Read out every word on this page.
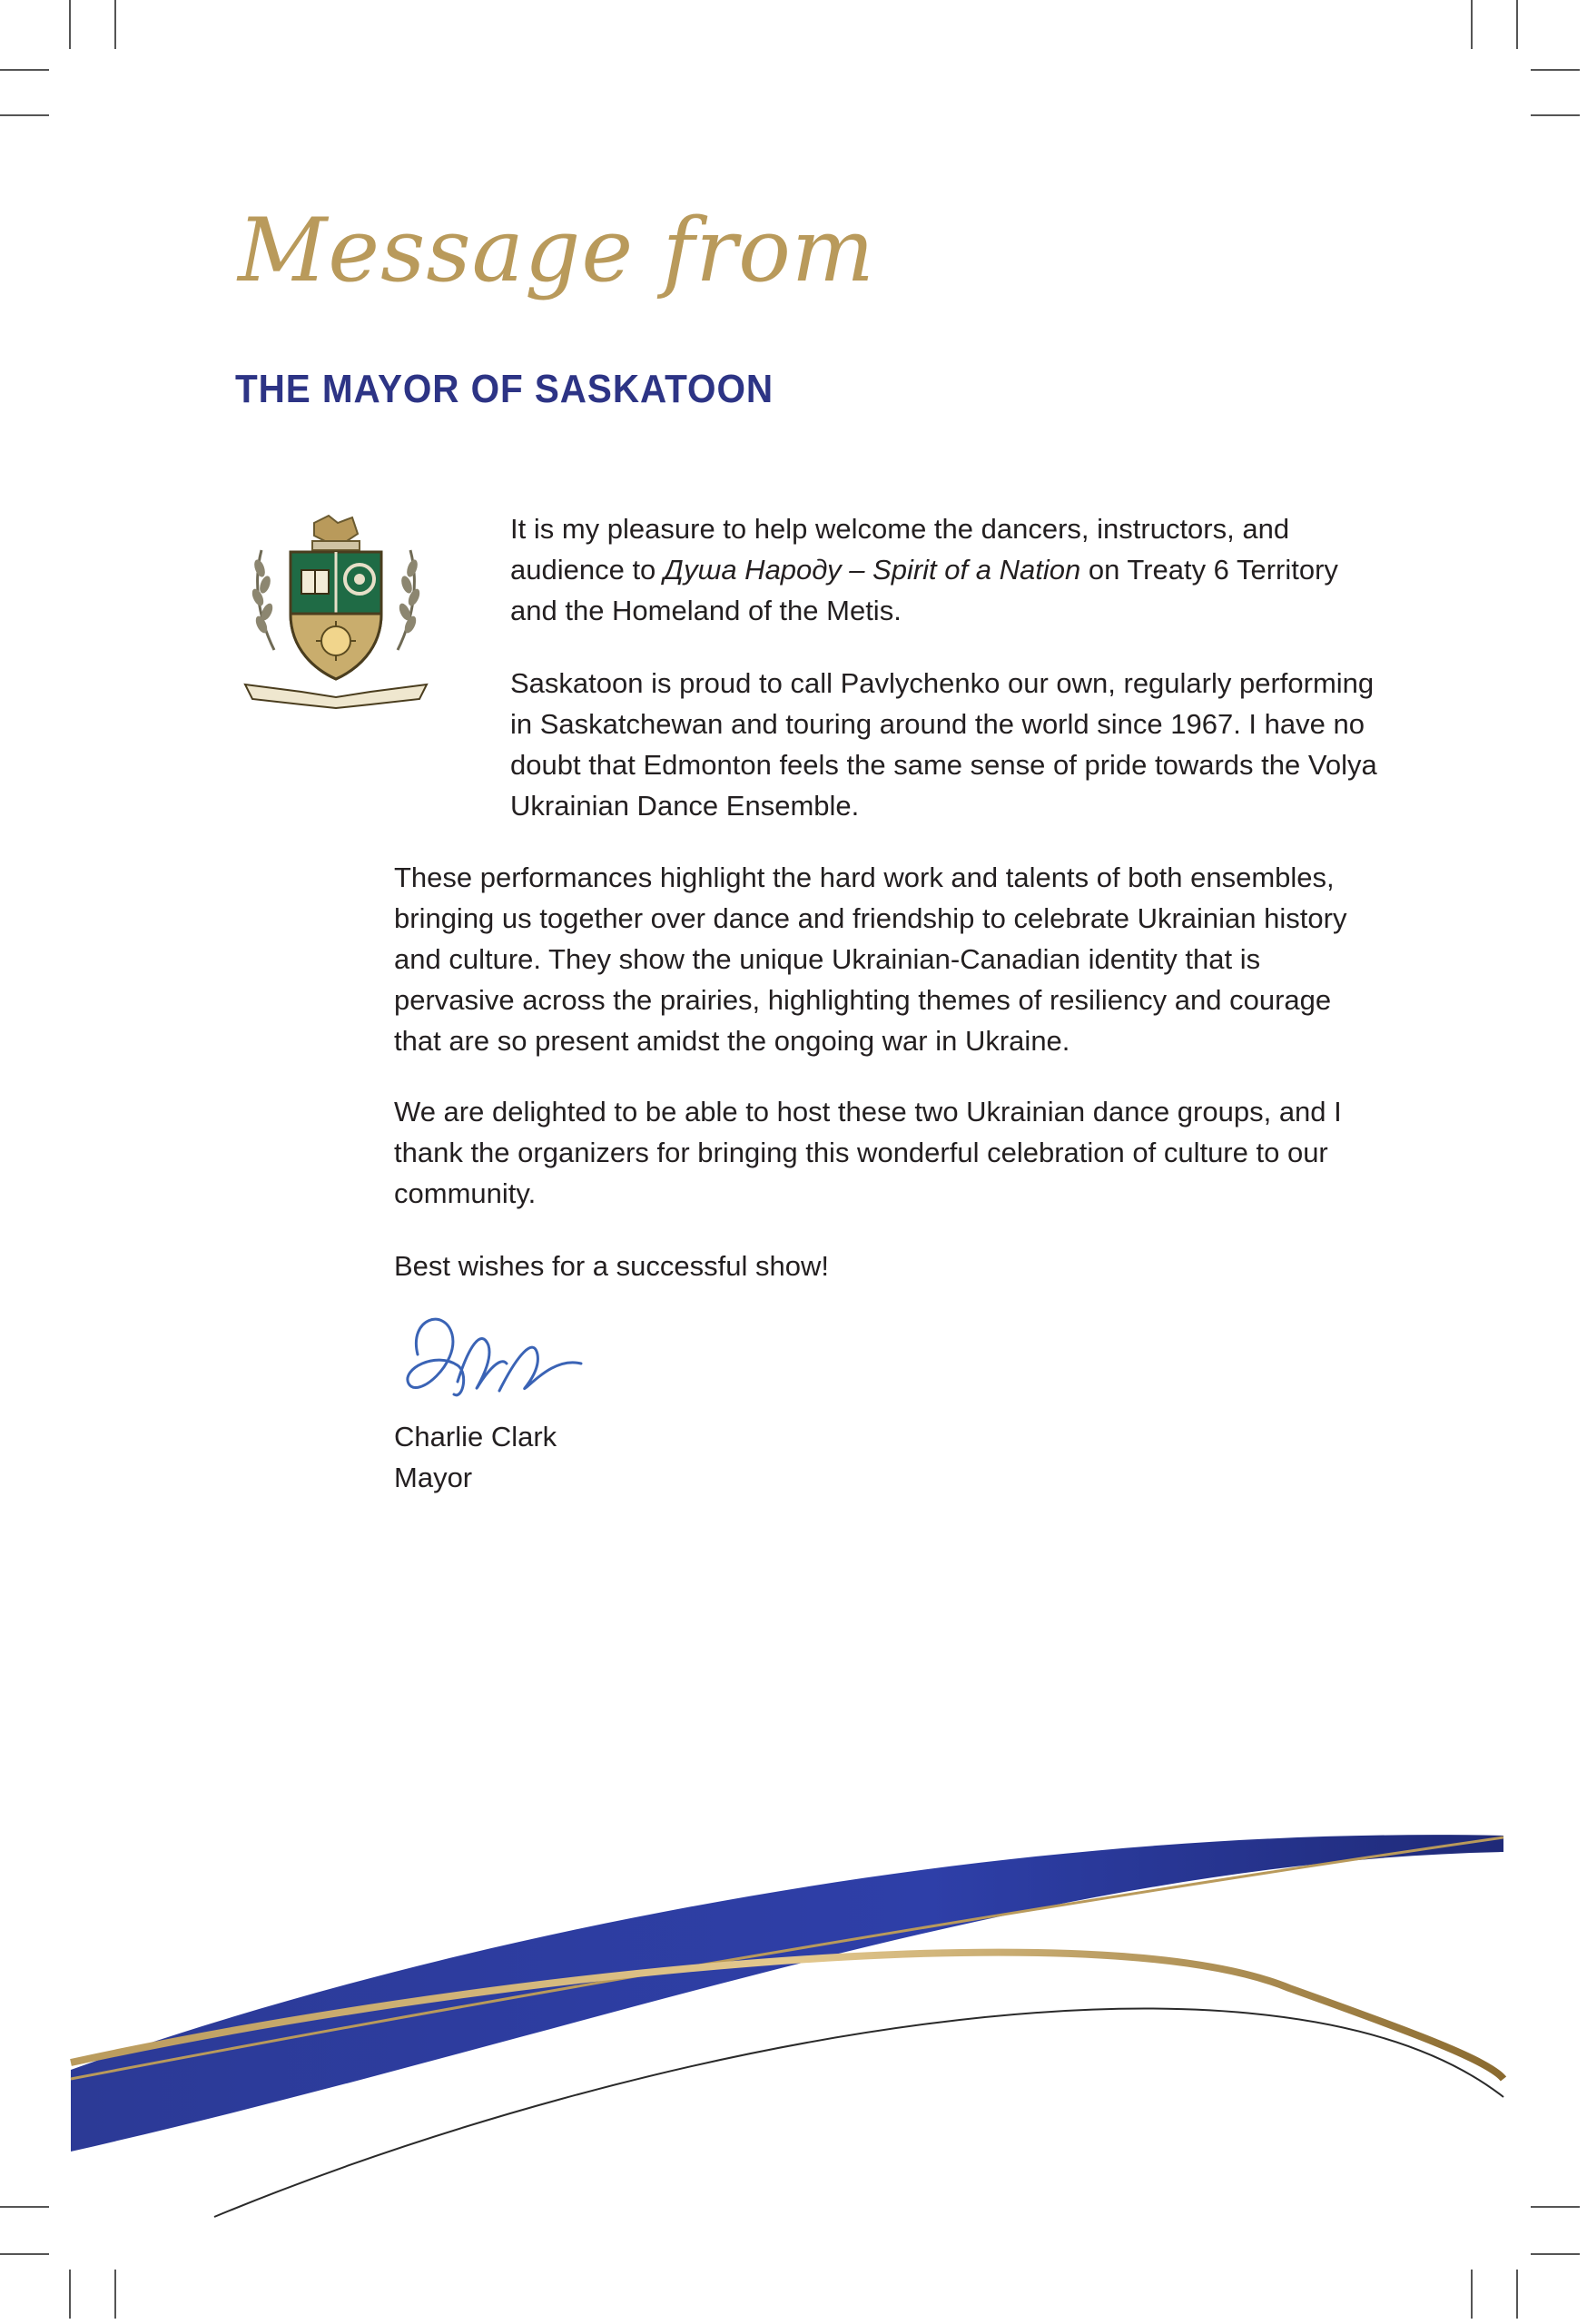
Message from
THE MAYOR OF SASKATOON

It is my pleasure to help welcome the dancers, instructors, and audience to Душа Народу – Spirit of a Nation on Treaty 6 Territory and the Homeland of the Metis.

Saskatoon is proud to call Pavlychenko our own, regularly performing in Saskatchewan and touring around the world since 1967. I have no doubt that Edmonton feels the same sense of pride towards the Volya Ukrainian Dance Ensemble.

These performances highlight the hard work and talents of both ensembles, bringing us together over dance and friendship to celebrate Ukrainian history and culture. They show the unique Ukrainian-Canadian identity that is pervasive across the prairies, highlighting themes of resiliency and courage that are so present amidst the ongoing war in Ukraine.

We are delighted to be able to host these two Ukrainian dance groups, and I thank the organizers for bringing this wonderful celebration of culture to our community.

Best wishes for a successful show!

Charlie Clark
Mayor
